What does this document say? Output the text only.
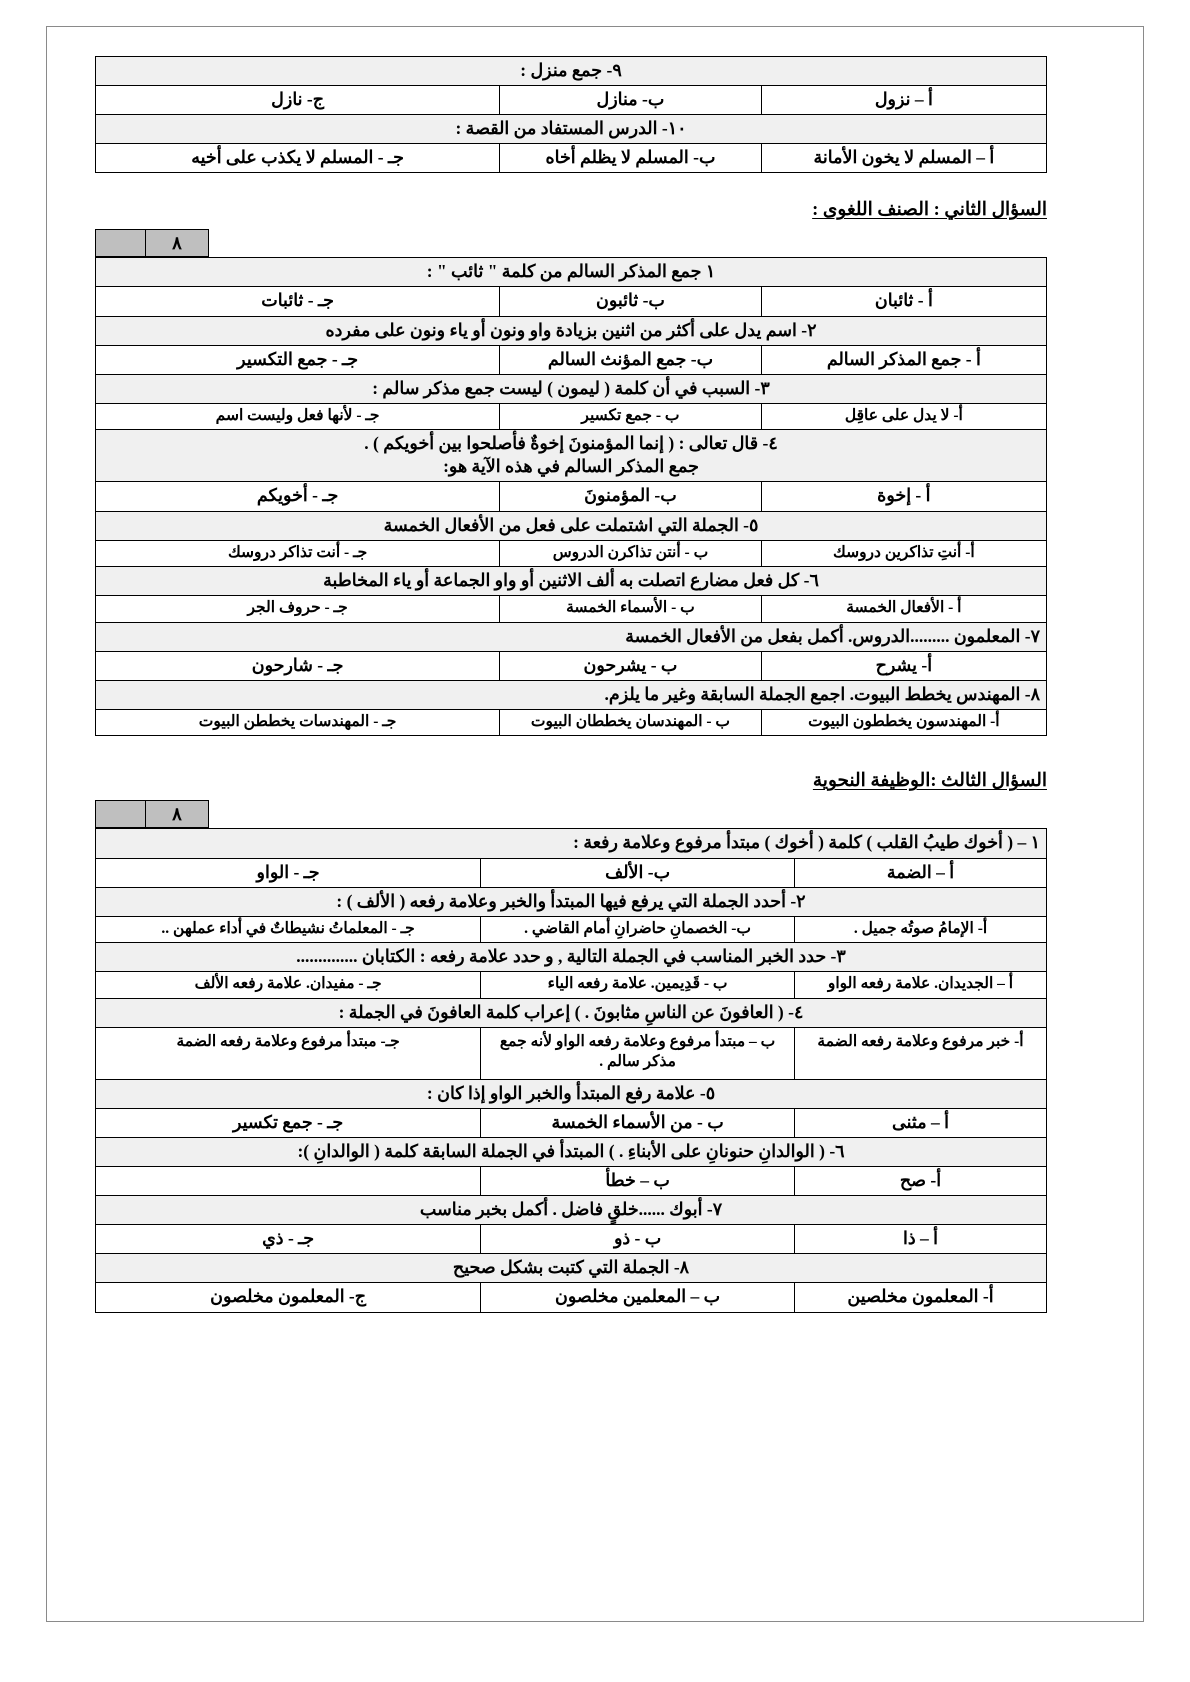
٩- جمع منزل :		
أ – نزول	ب- منازل	ج- نازل
١٠- الدرس المستفاد من القصة :		
أ – المسلم لا يخون الأمانة	ب- المسلم لا يظلم أخاه	جـ - المسلم لا يكذب على أخيه
السؤال الثاني : الصنف اللغوى :
٨
١ جمع المذكر السالم من كلمة " ثائب " :		
أ - ثائبان	ب- ثائبون	جـ - ثائبات
٢- اسم يدل على أكثر من اثنين بزيادة واو ونون أو ياء ونون على مفرده		
أ - جمع المذكر السالم	ب- جمع المؤنث السالم	جـ - جمع التكسير
٣- السبب في أن كلمة ( ليمون ) ليست جمع مذكر سالم :		
أ- لا يدل على عاقِل	ب - جمع تكسير	جـ - لأنها فعل وليست اسم
٤- قال تعالى : ( إنما المؤمنونَ إخوةٌ فأصلحوا بين أخويكم ) .
جمع المذكر السالم في هذه الآية هو:		

أ - إخوة	ب- المؤمنونَ	جـ - أخويكم
٥- الجملة التي اشتملت على فعل من الأفعال الخمسة		
أ- أنتِ تذاكرين دروسك	ب - أنتن تذاكرن الدروس	جـ - أنت تذاكر دروسك
٦- كل فعل مضارع اتصلت به ألف الاثنين أو واو الجماعة أو ياء المخاطبة		
أ - الأفعال الخمسة	ب - الأسماء الخمسة	جـ - حروف الجر
٧- المعلمون .........الدروس. أكمل بفعل من الأفعال الخمسة		
أ- يشرح	ب - يشرحون	جـ - شارحون
٨- المهندس يخطط البيوت. اجمع الجملة السابقة وغير ما يلزم.		
أ- المهندسون يخططون البيوت	ب - المهندسان يخططان البيوت	جـ - المهندسات يخططن البيوت
السؤال الثالث :الوظيفة النحوية
٨
١ – ( أخوك طيبُ القلب ) كلمة ( أخوك ) مبتدأ مرفوع وعلامة رفعة :		
أ – الضمة	ب- الألف	جـ - الواو
٢- أحدد الجملة التي يرفع فيها المبتدأ والخبر وعلامة رفعه ( الألف ) :		
أ- الإمامُ صوتُه جميل .	ب- الخصمانِ حاضرانِ أمام القاضي .	جـ - المعلماتُ نشيطاتٌ في أداء عملهن ..
٣- حدد الخبر المناسب في الجملة التالية , و حدد علامة رفعه : الكتابان ..............		
أ – الجديدان. علامة رفعه الواو	ب - قَدِيمين. علامة رفعه الياء	جـ - مفيدان. علامة رفعه الألف
٤- ( العافونَ عن الناسِ مثابونَ . ) إعراب كلمة العافونَ في الجملة :		
أ- خبر مرفوع وعلامة رفعه الضمة	ب – مبتدأ مرفوع وعلامة رفعه الواو لأنه جمع مذكر سالم .	جـ- مبتدأ مرفوع وعلامة رفعه الضمة
٥- علامة رفع المبتدأ والخبر الواو إذا كان :		
أ – مثنى	ب - من الأسماء الخمسة	جـ - جمع تكسير
٦- ( الوالدانِ حنونانِ على الأبناءِ . ) المبتدأ في الجملة السابقة كلمة ( الوالدانِ ):		
أ- صح	ب – خطأ	
٧- أبوك ......خلقٍ فاضل . أكمل بخبر مناسب		
أ – ذا	ب - ذو	جـ - ذي
٨- الجملة التي كتبت بشكل صحيح		
أ- المعلمون مخلصين	ب – المعلمين مخلصون	ج- المعلمون مخلصون
